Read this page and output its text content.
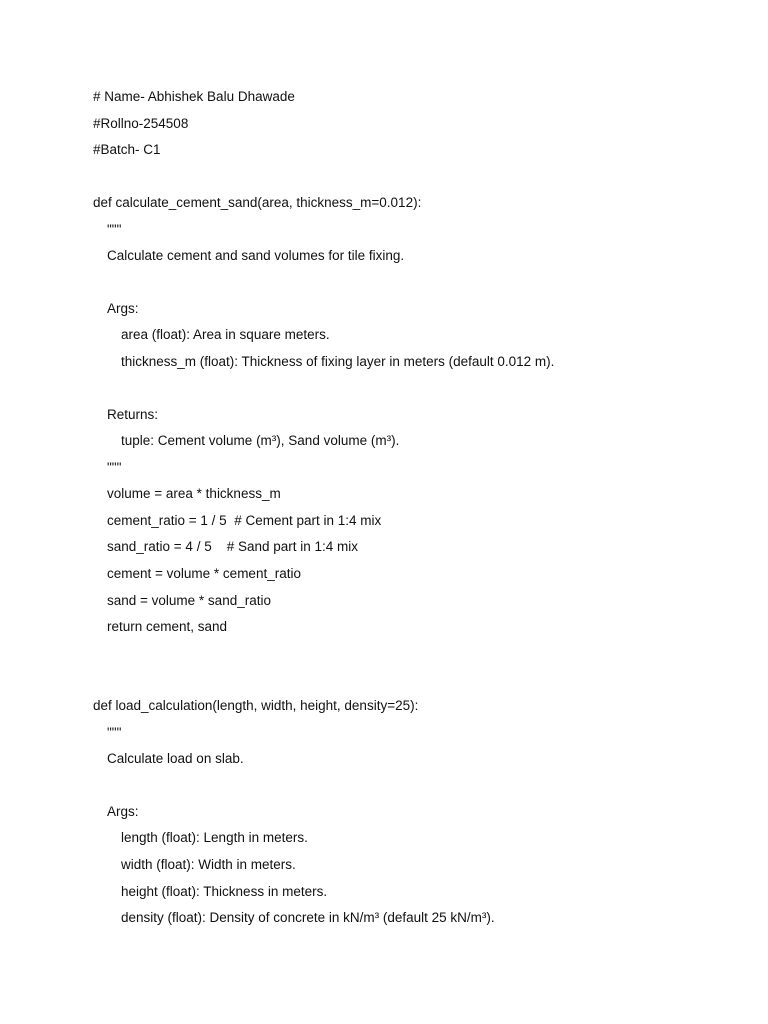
# Name- Abhishek Balu Dhawade
#Rollno-254508
#Batch- C1
def calculate_cement_sand(area, thickness_m=0.012):
"""
Calculate cement and sand volumes for tile fixing.
Args:
area (float): Area in square meters.
thickness_m (float): Thickness of fixing layer in meters (default 0.012 m).
Returns:
tuple: Cement volume (m³), Sand volume (m³).
"""
volume = area * thickness_m
cement_ratio = 1 / 5  # Cement part in 1:4 mix
sand_ratio = 4 / 5    # Sand part in 1:4 mix
cement = volume * cement_ratio
sand = volume * sand_ratio
return cement, sand
def load_calculation(length, width, height, density=25):
"""
Calculate load on slab.
Args:
length (float): Length in meters.
width (float): Width in meters.
height (float): Thickness in meters.
density (float): Density of concrete in kN/m³ (default 25 kN/m³).
